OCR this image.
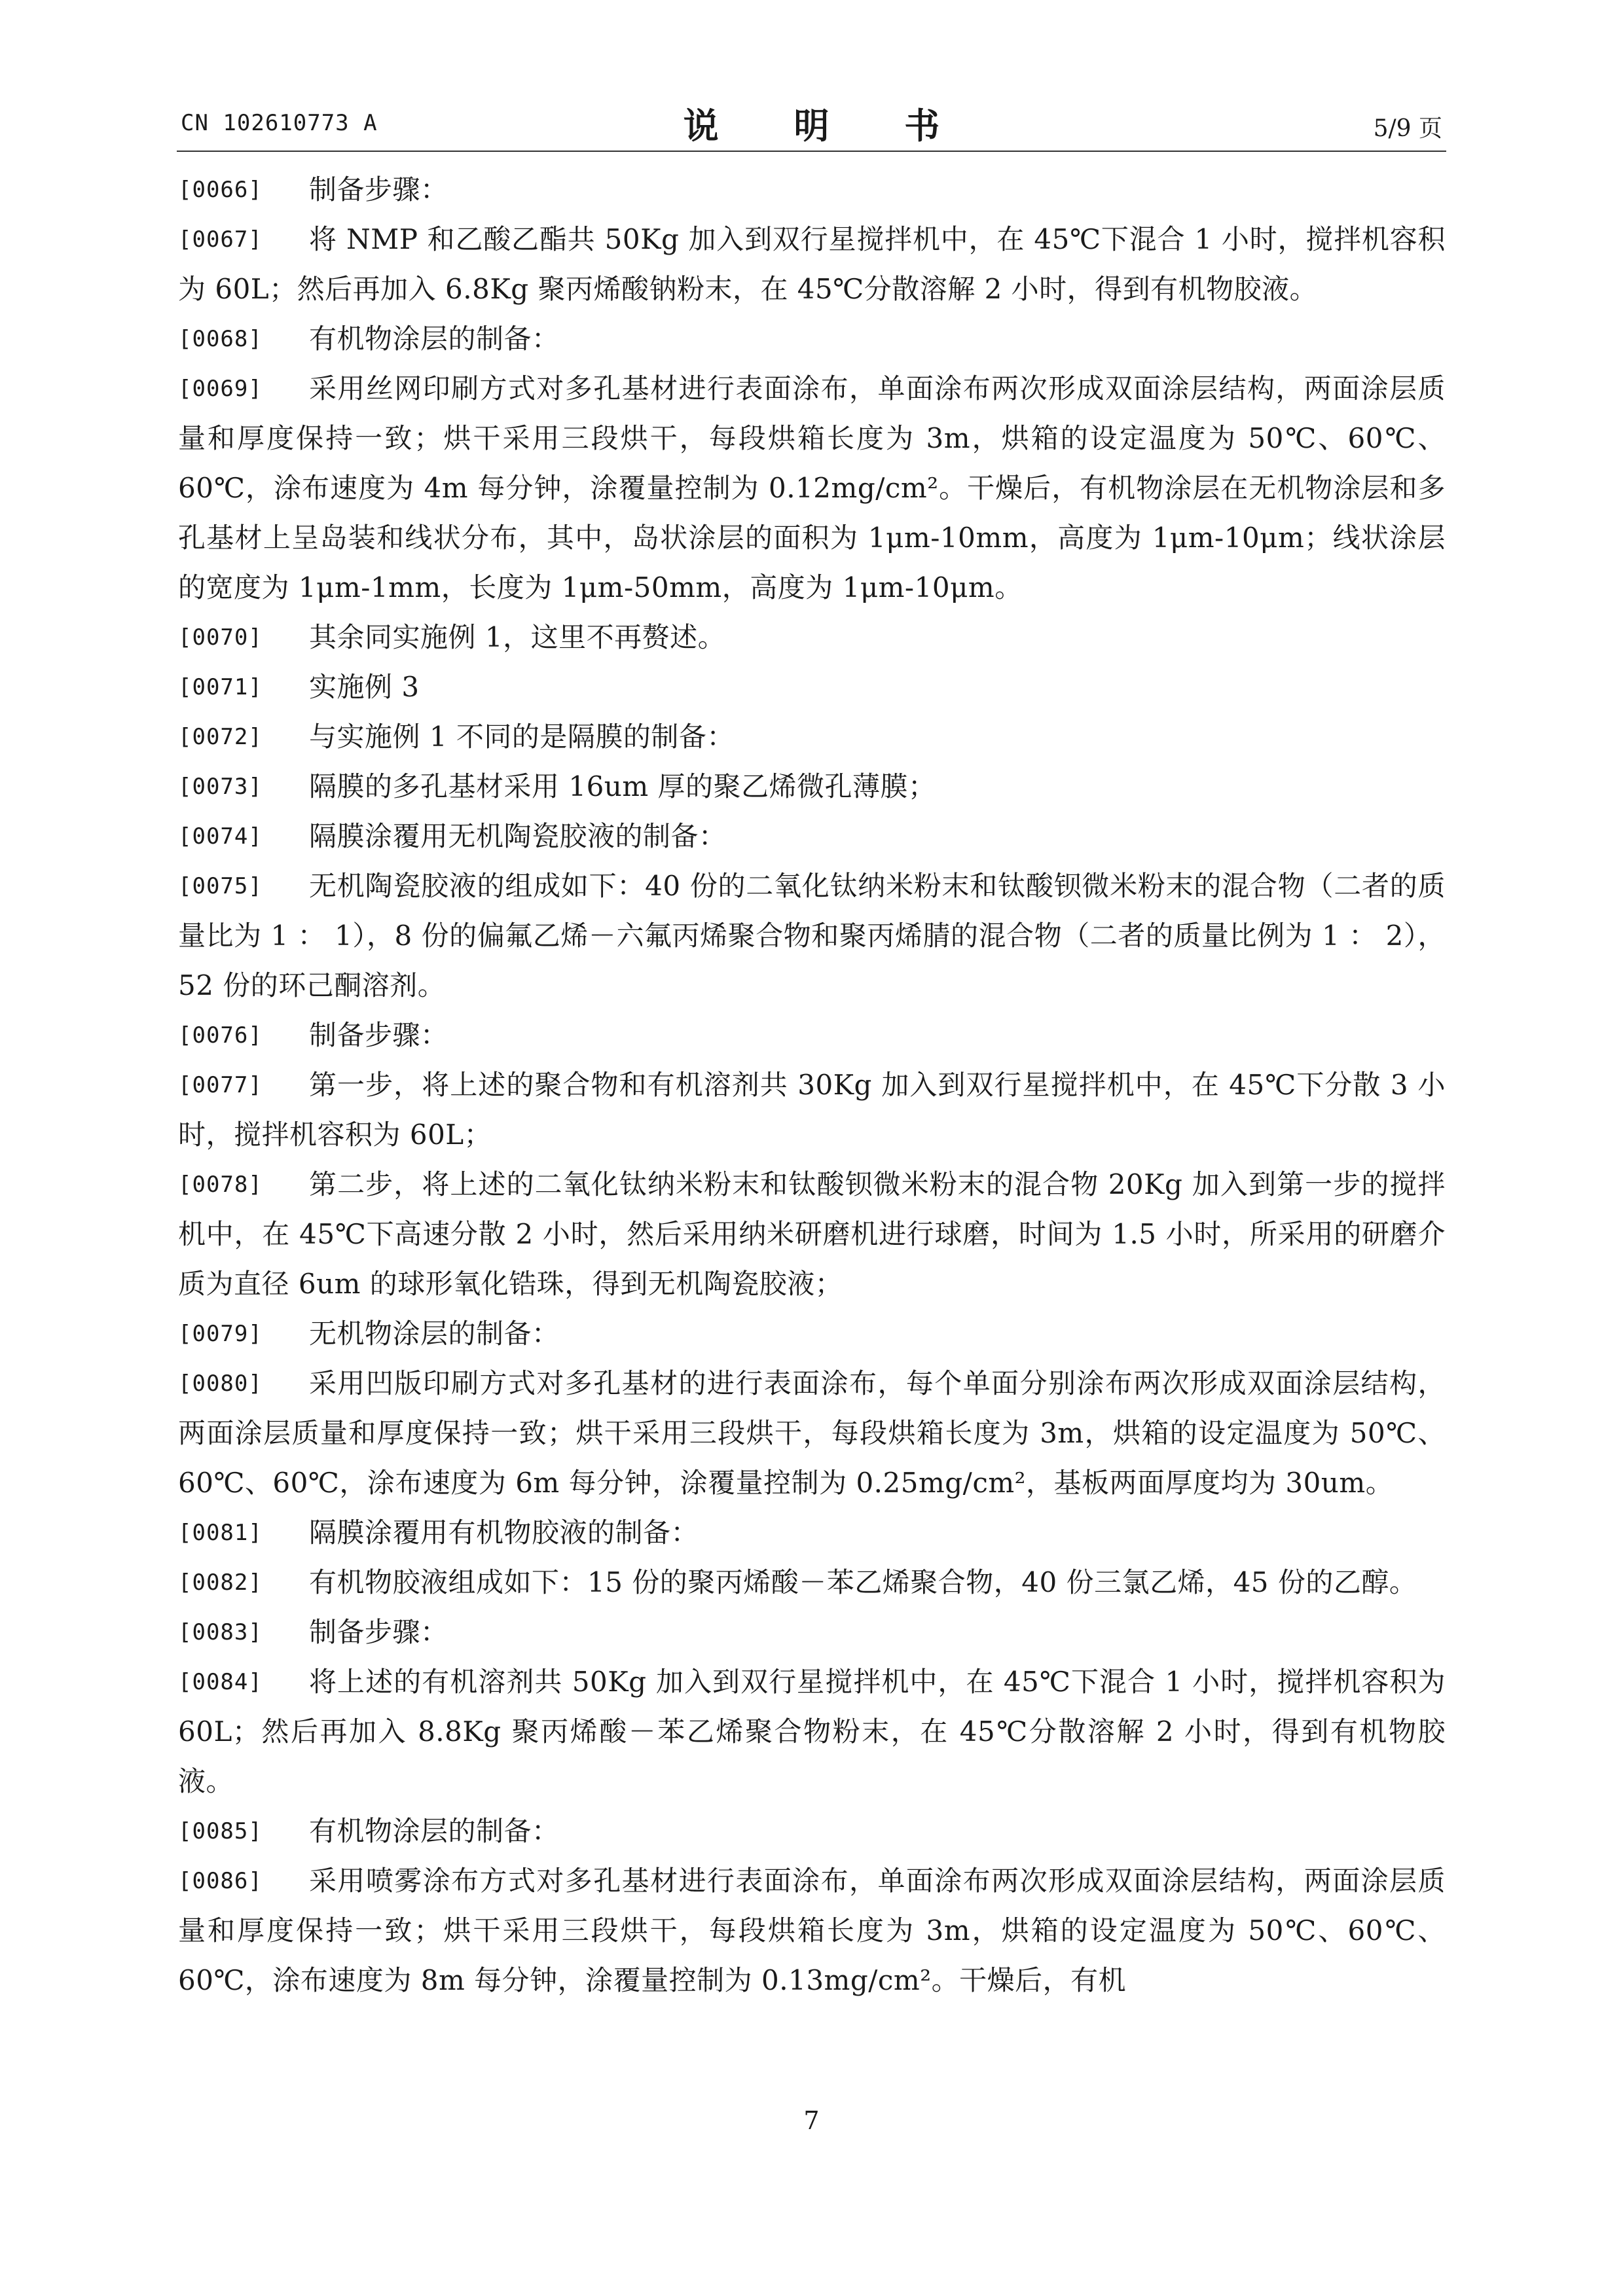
CN 102610773 A	说 明 书	5/9 页
[0066]	制备步骤：

[0067]	将 NMP 和乙酸乙酯共 50Kg 加入到双行星搅拌机中，在 45℃下混合 1 小时，搅拌机容积为 60L；然后再加入 6.8Kg 聚丙烯酸钠粉末，在 45℃分散溶解 2 小时，得到有机物胶液。

[0068]	有机物涂层的制备：

[0069]	采用丝网印刷方式对多孔基材进行表面涂布，单面涂布两次形成双面涂层结构，两面涂层质量和厚度保持一致；烘干采用三段烘干，每段烘箱长度为 3m，烘箱的设定温度为 50℃、60℃、60℃，涂布速度为 4m 每分钟，涂覆量控制为 0.12mg/cm²。干燥后，有机物涂层在无机物涂层和多孔基材上呈岛装和线状分布，其中，岛状涂层的面积为 1μm-10mm，高度为 1μm-10μm；线状涂层的宽度为 1μm-1mm，长度为 1μm-50mm，高度为 1μm-10μm。

[0070]	其余同实施例 1，这里不再赘述。

[0071]	实施例 3

[0072]	与实施例 1 不同的是隔膜的制备：

[0073]	隔膜的多孔基材采用 16um 厚的聚乙烯微孔薄膜；

[0074]	隔膜涂覆用无机陶瓷胶液的制备：

[0075]	无机陶瓷胶液的组成如下：40 份的二氧化钛纳米粉末和钛酸钡微米粉末的混合物（二者的质量比为 1 ： 1），8 份的偏氟乙烯－六氟丙烯聚合物和聚丙烯腈的混合物（二者的质量比例为 1 ： 2），52 份的环己酮溶剂。

[0076]	制备步骤：

[0077]	第一步，将上述的聚合物和有机溶剂共 30Kg 加入到双行星搅拌机中，在 45℃下分散 3 小时，搅拌机容积为 60L；

[0078]	第二步，将上述的二氧化钛纳米粉末和钛酸钡微米粉末的混合物 20Kg 加入到第一步的搅拌机中，在 45℃下高速分散 2 小时，然后采用纳米研磨机进行球磨，时间为 1.5 小时，所采用的研磨介质为直径 6um 的球形氧化锆珠，得到无机陶瓷胶液；

[0079]	无机物涂层的制备：

[0080]	采用凹版印刷方式对多孔基材的进行表面涂布，每个单面分别涂布两次形成双面涂层结构，两面涂层质量和厚度保持一致；烘干采用三段烘干，每段烘箱长度为 3m，烘箱的设定温度为 50℃、60℃、60℃，涂布速度为 6m 每分钟，涂覆量控制为 0.25mg/cm²，基板两面厚度均为 30um。

[0081]	隔膜涂覆用有机物胶液的制备：

[0082]	有机物胶液组成如下：15 份的聚丙烯酸－苯乙烯聚合物，40 份三氯乙烯，45 份的乙醇。

[0083]	制备步骤：

[0084]	将上述的有机溶剂共 50Kg 加入到双行星搅拌机中，在 45℃下混合 1 小时，搅拌机容积为 60L；然后再加入 8.8Kg 聚丙烯酸－苯乙烯聚合物粉末，在 45℃分散溶解 2 小时，得到有机物胶液。

[0085]	有机物涂层的制备：

[0086]	采用喷雾涂布方式对多孔基材进行表面涂布，单面涂布两次形成双面涂层结构，两面涂层质量和厚度保持一致；烘干采用三段烘干，每段烘箱长度为 3m，烘箱的设定温度为 50℃、60℃、60℃，涂布速度为 8m 每分钟，涂覆量控制为 0.13mg/cm²。干燥后，有机

7
